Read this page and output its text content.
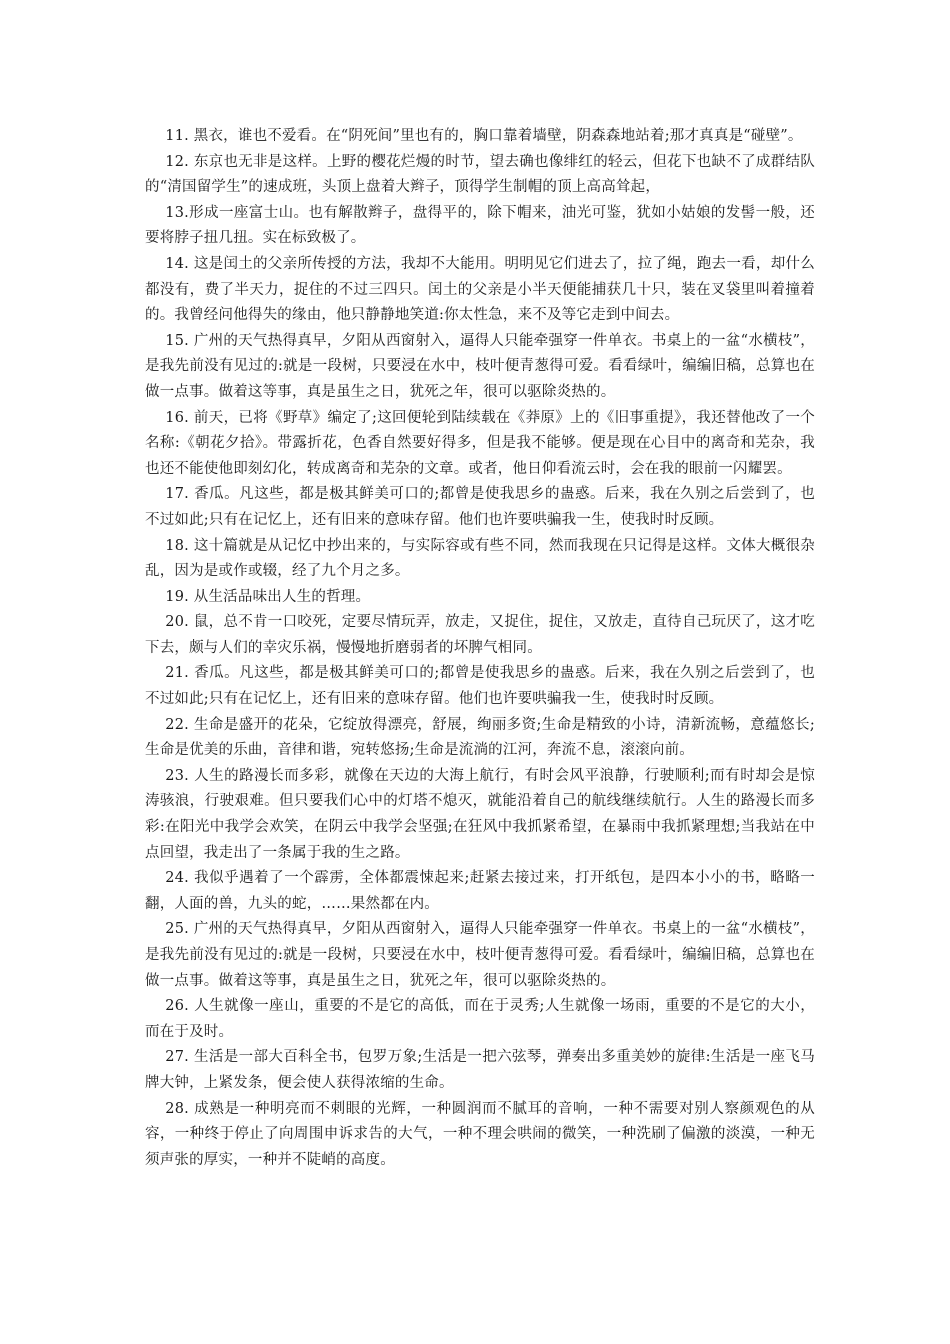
11. 黑衣，谁也不爱看。在“阴死间”里也有的，胸口靠着墙壁，阴森森地站着;那才真真是“碰壁”。

12. 东京也无非是这样。上野的樱花烂熳的时节，望去确也像绯红的轻云，但花下也缺不了成群结队的“清国留学生”的速成班，头顶上盘着大辫子，顶得学生制帽的顶上高高耸起，

13.形成一座富士山。也有解散辫子，盘得平的，除下帽来，油光可鉴，犹如小姑娘的发髻一般，还要将脖子扭几扭。实在标致极了。

14. 这是闰土的父亲所传授的方法，我却不大能用。明明见它们进去了，拉了绳，跑去一看，却什么都没有，费了半天力，捉住的不过三四只。闰土的父亲是小半天便能捕获几十只，装在叉袋里叫着撞着的。我曾经问他得失的缘由，他只静静地笑道:你太性急，来不及等它走到中间去。

15. 广州的天气热得真早，夕阳从西窗射入，逼得人只能牵强穿一件单衣。书桌上的一盆“水横枝”，是我先前没有见过的:就是一段树，只要浸在水中，枝叶便青葱得可爱。看看绿叶，编编旧稿，总算也在做一点事。做着这等事，真是虽生之日，犹死之年，很可以驱除炎热的。

16. 前天，已将《野草》编定了;这回便轮到陆续载在《莽原》上的《旧事重提》，我还替他改了一个名称:《朝花夕拾》。带露折花，色香自然要好得多，但是我不能够。便是现在心目中的离奇和芜杂，我也还不能使他即刻幻化，转成离奇和芜杂的文章。或者，他日仰看流云时，会在我的眼前一闪耀罢。

17. 香瓜。凡这些，都是极其鲜美可口的;都曾是使我思乡的蛊惑。后来，我在久别之后尝到了，也不过如此;只有在记忆上，还有旧来的意味存留。他们也许要哄骗我一生，使我时时反顾。

18. 这十篇就是从记忆中抄出来的，与实际容或有些不同，然而我现在只记得是这样。文体大概很杂乱，因为是或作或辍，经了九个月之多。

19. 从生活品味出人生的哲理。

20. 鼠，总不肯一口咬死，定要尽情玩弄，放走，又捉住，捉住，又放走，直待自己玩厌了，这才吃下去，颇与人们的幸灾乐祸，慢慢地折磨弱者的坏脾气相同。

21. 香瓜。凡这些，都是极其鲜美可口的;都曾是使我思乡的蛊惑。后来，我在久别之后尝到了，也不过如此;只有在记忆上，还有旧来的意味存留。他们也许要哄骗我一生，使我时时反顾。

22. 生命是盛开的花朵，它绽放得漂亮，舒展，绚丽多资;生命是精致的小诗，清新流畅，意蕴悠长;生命是优美的乐曲，音律和谐，宛转悠扬;生命是流淌的江河，奔流不息，滚滚向前。

23. 人生的路漫长而多彩，就像在天边的大海上航行，有时会风平浪静，行驶顺利;而有时却会是惊涛骇浪，行驶艰难。但只要我们心中的灯塔不熄灭，就能沿着自己的航线继续航行。人生的路漫长而多彩:在阳光中我学会欢笑，在阴云中我学会坚强;在狂风中我抓紧希望，在暴雨中我抓紧理想;当我站在中点回望，我走出了一条属于我的生之路。

24. 我似乎遇着了一个霹雳，全体都震悚起来;赶紧去接过来，打开纸包，是四本小小的书，略略一翻，人面的兽，九头的蛇，……果然都在内。

25. 广州的天气热得真早，夕阳从西窗射入，逼得人只能牵强穿一件单衣。书桌上的一盆“水横枝”，是我先前没有见过的:就是一段树，只要浸在水中，枝叶便青葱得可爱。看看绿叶，编编旧稿，总算也在做一点事。做着这等事，真是虽生之日，犹死之年，很可以驱除炎热的。

26. 人生就像一座山，重要的不是它的高低，而在于灵秀;人生就像一场雨，重要的不是它的大小，而在于及时。

27. 生活是一部大百科全书，包罗万象;生活是一把六弦琴，弹奏出多重美妙的旋律:生活是一座飞马牌大钟，上紧发条，便会使人获得浓缩的生命。

28. 成熟是一种明亮而不刺眼的光辉，一种圆润而不腻耳的音响，一种不需要对别人察颜观色的从容，一种终于停止了向周围申诉求告的大气，一种不理会哄闹的微笑，一种洗刷了偏激的淡漠，一种无须声张的厚实，一种并不陡峭的高度。
